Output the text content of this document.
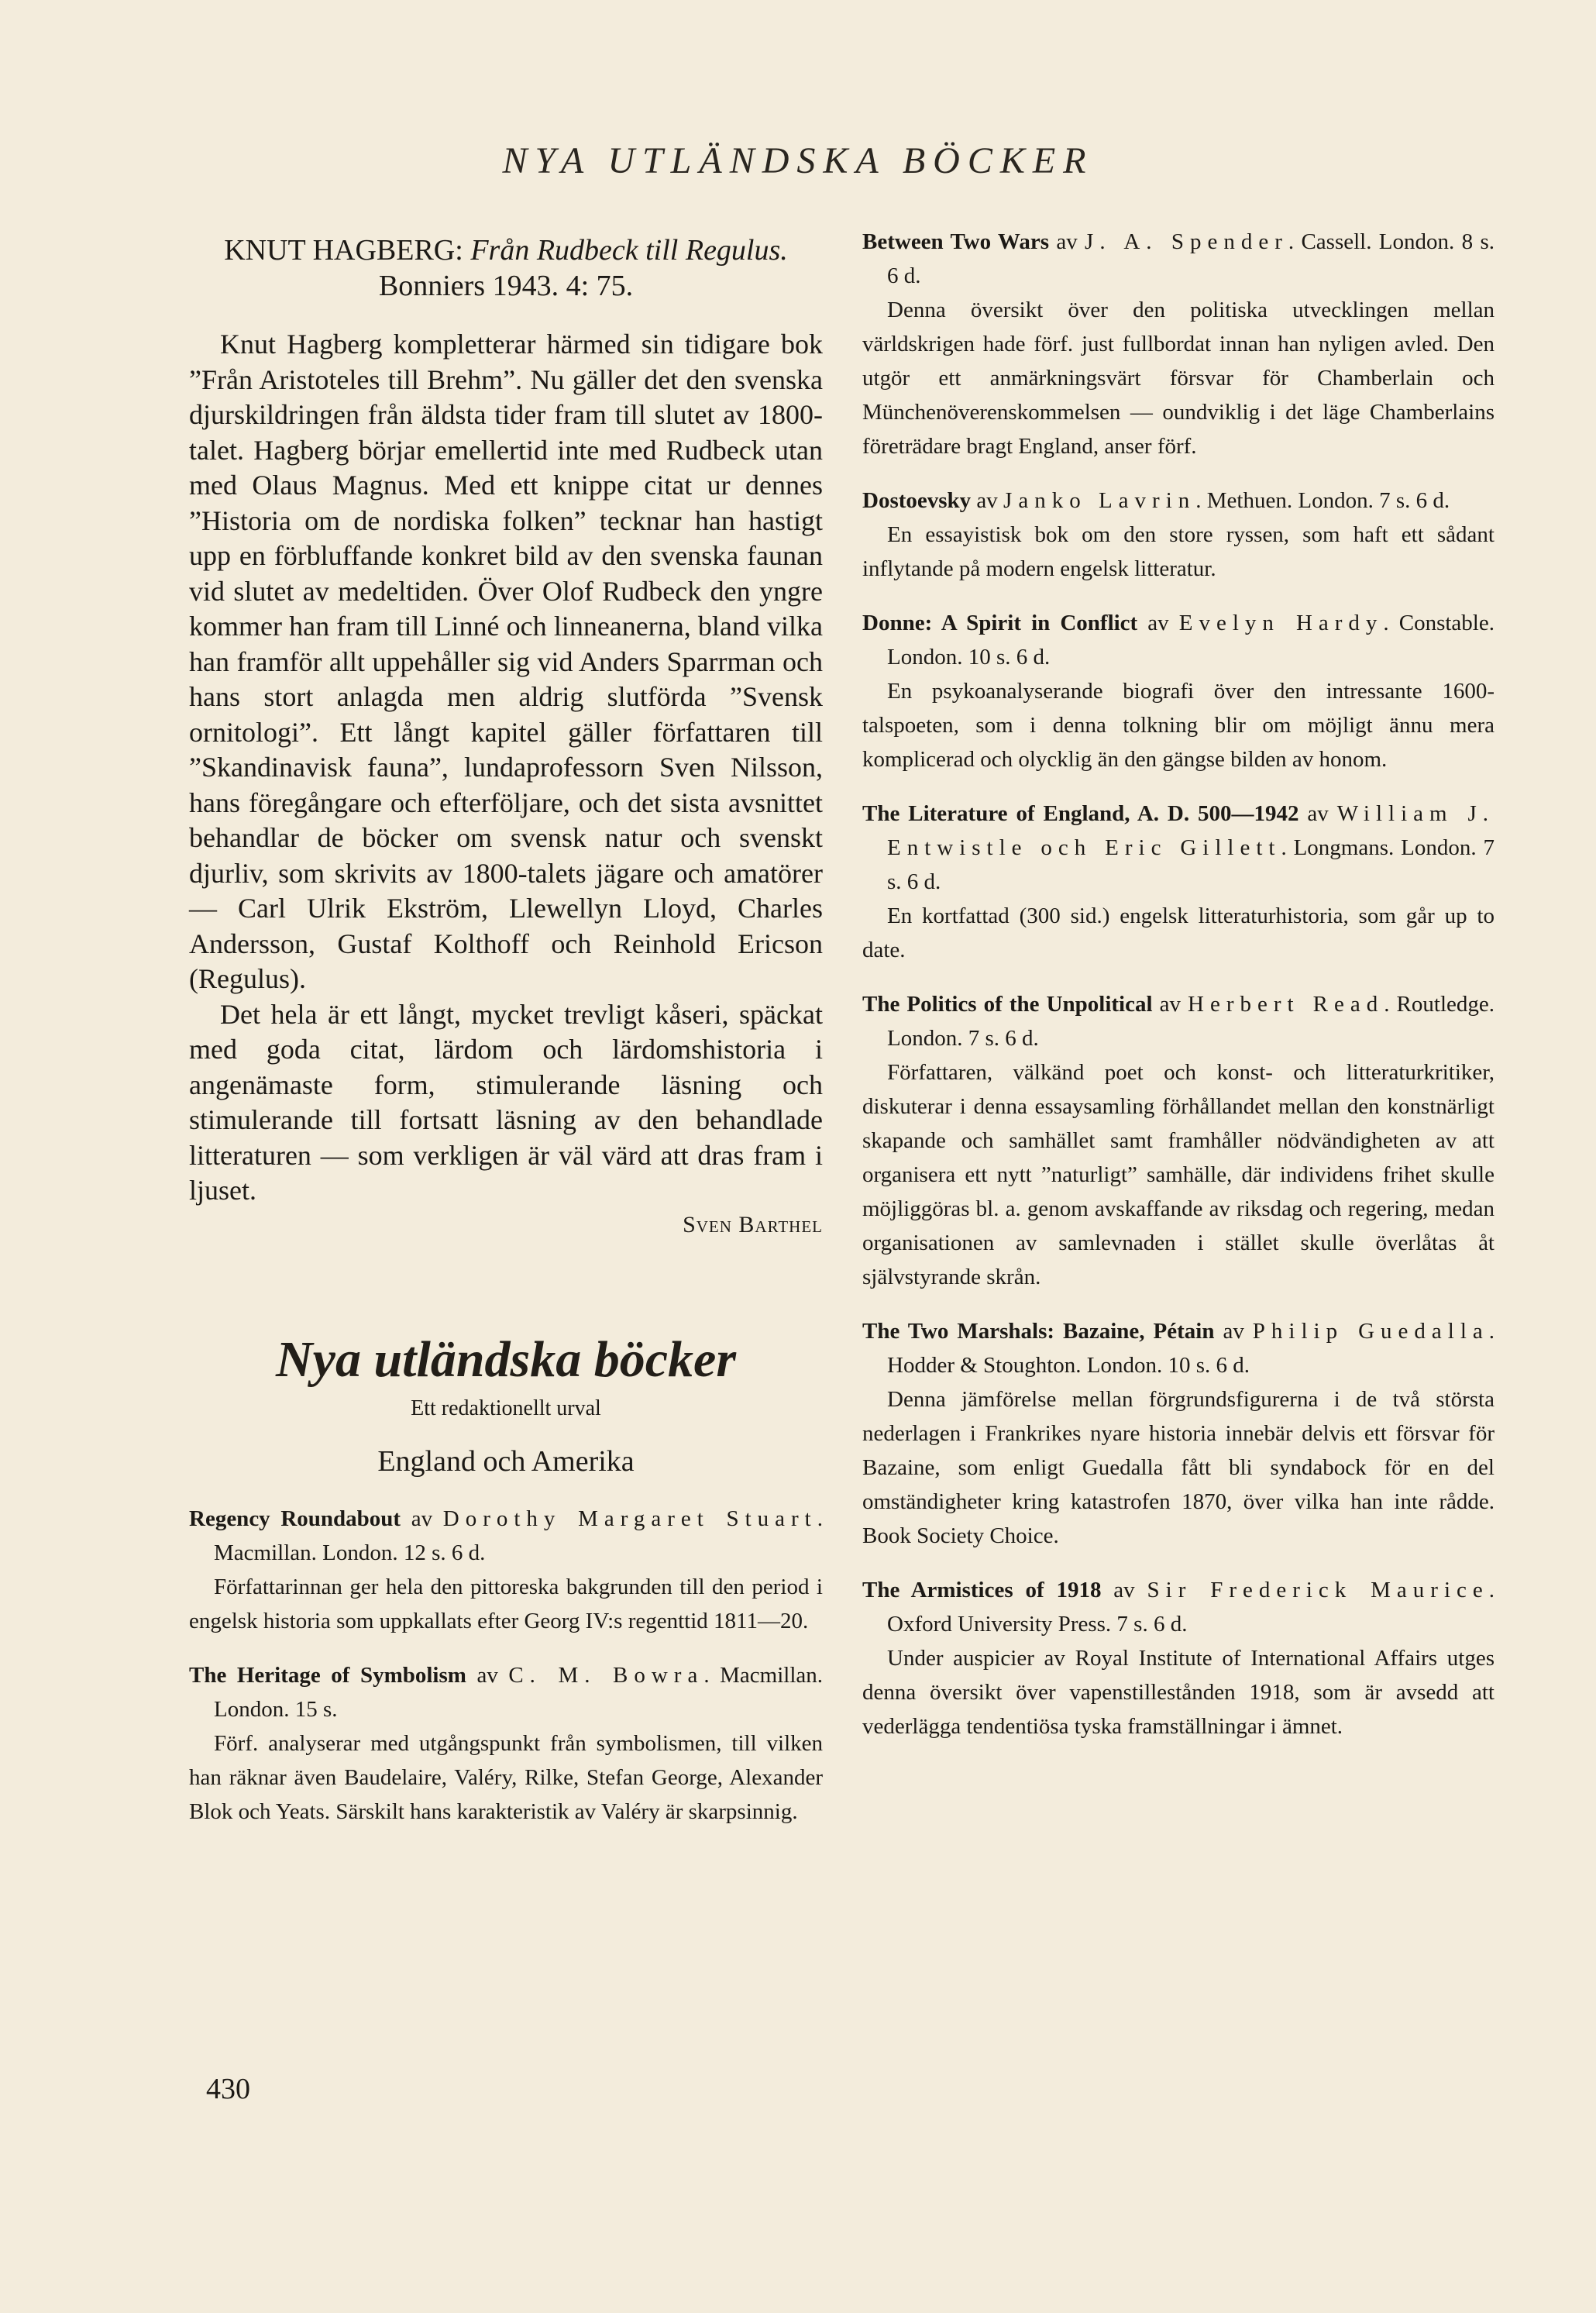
NYA UTLÄNDSKA BÖCKER
KNUT HAGBERG: Från Rudbeck till Regulus.
Bonniers 1943. 4: 75.

Knut Hagberg kompletterar härmed sin tidigare bok ”Från Aristoteles till Brehm”. Nu gäller det den svenska djurskildringen från äldsta tider fram till slutet av 1800-talet. Hagberg börjar emellertid inte med Rudbeck utan med Olaus Magnus. Med ett knippe citat ur dennes ”Historia om de nordiska folken” tecknar han hastigt upp en förbluffande konkret bild av den svenska faunan vid slutet av medeltiden. Över Olof Rudbeck den yngre kommer han fram till Linné och linneanerna, bland vilka han framför allt uppehåller sig vid Anders Sparrman och hans stort anlagda men aldrig slutförda ”Svensk ornitologi”. Ett långt kapitel gäller författaren till ”Skandinavisk fauna”, lundaprofessorn Sven Nilsson, hans föregångare och efterföljare, och det sista avsnittet behandlar de böcker om svensk natur och svenskt djurliv, som skrivits av 1800-talets jägare och amatörer — Carl Ulrik Ekström, Llewellyn Lloyd, Charles Andersson, Gustaf Kolthoff och Reinhold Ericson (Regulus).

Det hela är ett långt, mycket trevligt kåseri, späckat med goda citat, lärdom och lärdomshistoria i angenämaste form, stimulerande läsning och stimulerande till fortsatt läsning av den behandlade litteraturen — som verkligen är väl värd att dras fram i ljuset.

Sven Barthel

Nya utländska böcker
Ett redaktionellt urval
England och Amerika

Regency Roundabout av Dorothy Margaret Stuart. Macmillan. London. 12 s. 6 d.

Författarinnan ger hela den pittoreska bakgrunden till den period i engelsk historia som uppkallats efter Georg IV:s regenttid 1811—20.

The Heritage of Symbolism av C. M. Bowra. Macmillan. London. 15 s.

Förf. analyserar med utgångspunkt från symbolismen, till vilken han räknar även Baudelaire, Valéry, Rilke, Stefan George, Alexander Blok och Yeats. Särskilt hans karakteristik av Valéry är skarpsinnig.

Between Two Wars av J. A. Spender. Cassell. London. 8 s. 6 d.

Denna översikt över den politiska utvecklingen mellan världskrigen hade förf. just fullbordat innan han nyligen avled. Den utgör ett anmärkningsvärt försvar för Chamberlain och Münchenöverenskommelsen — oundviklig i det läge Chamberlains företrädare bragt England, anser förf.

Dostoevsky av Janko Lavrin. Methuen. London. 7 s. 6 d.

En essayistisk bok om den store ryssen, som haft ett sådant inflytande på modern engelsk litteratur.

Donne: A Spirit in Conflict av Evelyn Hardy. Constable. London. 10 s. 6 d.

En psykoanalyserande biografi över den intressante 1600-talspoeten, som i denna tolkning blir om möjligt ännu mera komplicerad och olycklig än den gängse bilden av honom.

The Literature of England, A. D. 500—1942 av William J. Entwistle och Eric Gillett. Longmans. London. 7 s. 6 d.

En kortfattad (300 sid.) engelsk litteraturhistoria, som går up to date.

The Politics of the Unpolitical av Herbert Read. Routledge. London. 7 s. 6 d.

Författaren, välkänd poet och konst- och litteraturkritiker, diskuterar i denna essaysamling förhållandet mellan den konstnärligt skapande och samhället samt framhåller nödvändigheten av att organisera ett nytt ”naturligt” samhälle, där individens frihet skulle möjliggöras bl. a. genom avskaffande av riksdag och regering, medan organisationen av samlevnaden i stället skulle överlåtas åt självstyrande skrån.

The Two Marshals: Bazaine, Pétain av Philip Guedalla. Hodder & Stoughton. London. 10 s. 6 d.

Denna jämförelse mellan förgrundsfigurerna i de två största nederlagen i Frankrikes nyare historia innebär delvis ett försvar för Bazaine, som enligt Guedalla fått bli syndabock för en del omständigheter kring katastrofen 1870, över vilka han inte rådde. Book Society Choice.

The Armistices of 1918 av Sir Frederick Maurice. Oxford University Press. 7 s. 6 d.

Under auspicier av Royal Institute of International Affairs utges denna översikt över vapenstillestånden 1918, som är avsedd att vederlägga tendentiösa tyska framställningar i ämnet.

430
